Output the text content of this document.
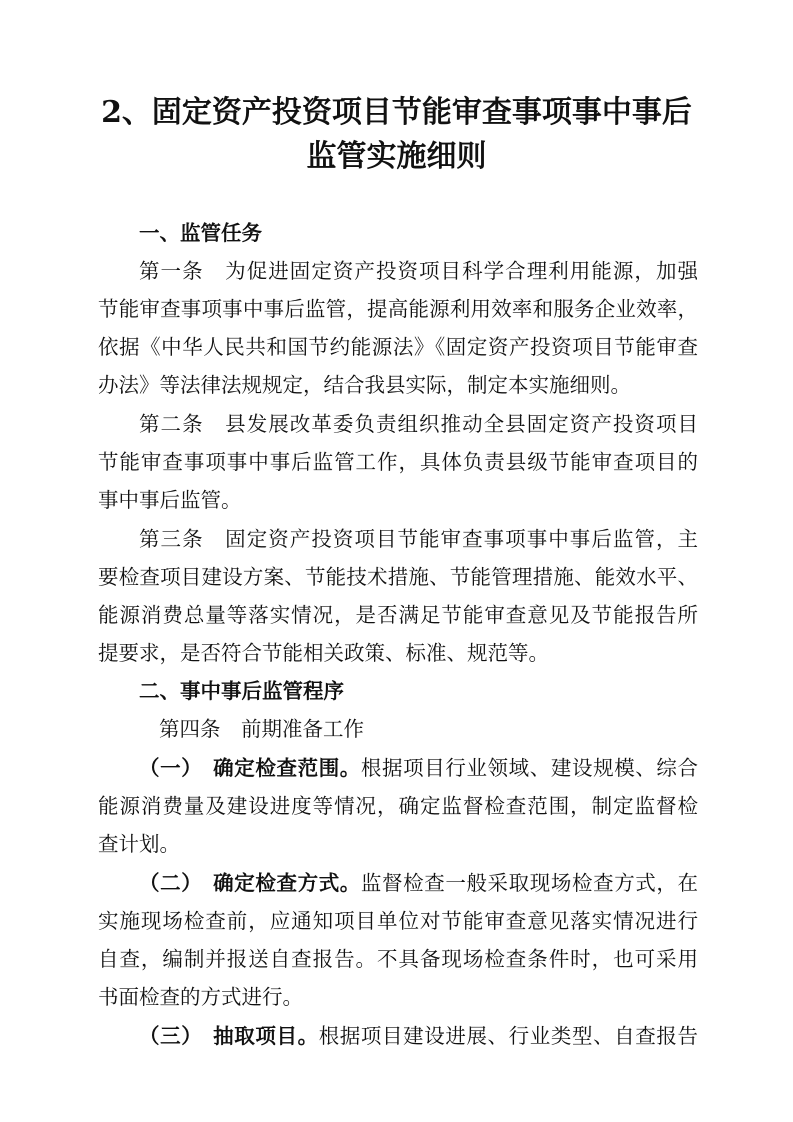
2、固定资产投资项目节能审查事项事中事后
监管实施细则
一、监管任务
第一条　为促进固定资产投资项目科学合理利用能源，加强
节能审查事项事中事后监管，提高能源利用效率和服务企业效率，
依据《中华人民共和国节约能源法》《固定资产投资项目节能审查
办法》等法律法规规定，结合我县实际，制定本实施细则。
第二条　县发展改革委负责组织推动全县固定资产投资项目
节能审查事项事中事后监管工作，具体负责县级节能审查项目的
事中事后监管。
第三条　固定资产投资项目节能审查事项事中事后监管，主
要检查项目建设方案、节能技术措施、节能管理措施、能效水平、
能源消费总量等落实情况，是否满足节能审查意见及节能报告所
提要求，是否符合节能相关政策、标准、规范等。
二、事中事后监管程序
第四条　前期准备工作
（一）　确定检查范围。根据项目行业领域、建设规模、综合
能源消费量及建设进度等情况，确定监督检查范围，制定监督检
查计划。
（二）　确定检查方式。监督检查一般采取现场检查方式，在
实施现场检查前，应通知项目单位对节能审查意见落实情况进行
自查，编制并报送自查报告。不具备现场检查条件时，也可采用
书面检查的方式进行。
（三）　抽取项目。根据项目建设进展、行业类型、自查报告
